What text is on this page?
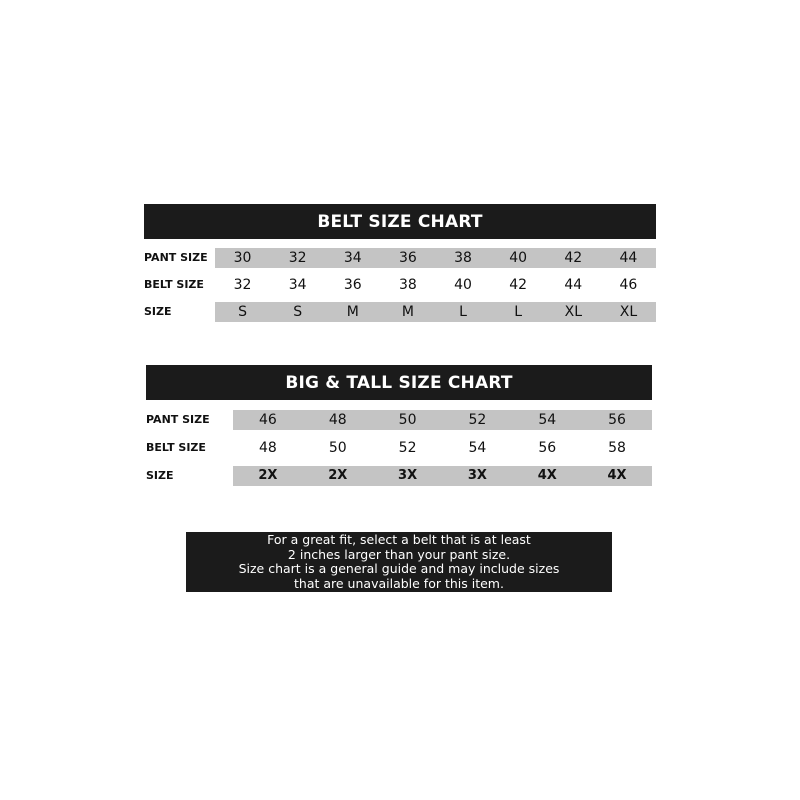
BELT SIZE CHART
PANT SIZE	30	32	34	36	38	40	42	44
BELT SIZE	32	34	36	38	40	42	44	46
SIZE	S	S	M	M	L	L	XL	XL
BIG & TALL SIZE CHART
PANT SIZE	46	48	50	52	54	56
BELT SIZE	48	50	52	54	56	58
SIZE	2X	2X	3X	3X	4X	4X
For a great fit, select a belt that is at least
2 inches larger than your pant size.
Size chart is a general guide and may include sizes
that are unavailable for this item.
